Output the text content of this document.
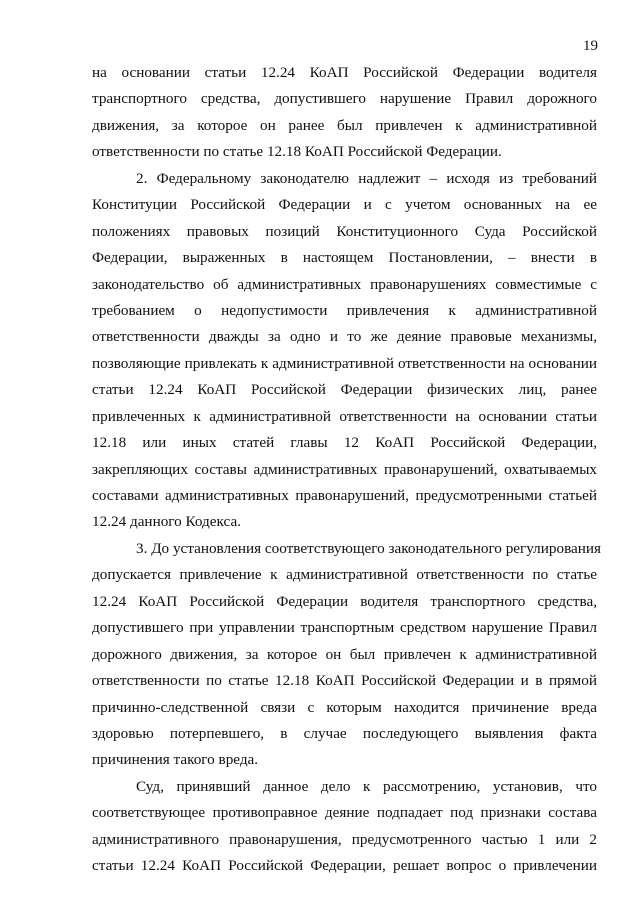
19
на основании статьи 12.24 КоАП Российской Федерации водителя
транспортного средства, допустившего нарушение Правил дорожного
движения, за которое он ранее был привлечен к административной
ответственности по статье 12.18 КоАП Российской Федерации.
2. Федеральному законодателю надлежит – исходя из требований
Конституции Российской Федерации и с учетом основанных на ее
положениях правовых позиций Конституционного Суда Российской
Федерации, выраженных в настоящем Постановлении, – внести в
законодательство об административных правонарушениях совместимые с
требованием о недопустимости привлечения к административной
ответственности дважды за одно и то же деяние правовые механизмы,
позволяющие привлекать к административной ответственности на основании
статьи 12.24 КоАП Российской Федерации физических лиц, ранее
привлеченных к административной ответственности на основании статьи
12.18 или иных статей главы 12 КоАП Российской Федерации,
закрепляющих составы административных правонарушений, охватываемых
составами административных правонарушений, предусмотренными статьей
12.24 данного Кодекса.
3. До установления соответствующего законодательного регулирования
допускается привлечение к административной ответственности по статье
12.24 КоАП Российской Федерации водителя транспортного средства,
допустившего при управлении транспортным средством нарушение Правил
дорожного движения, за которое он был привлечен к административной
ответственности по статье 12.18 КоАП Российской Федерации и в прямой
причинно-следственной связи с которым находится причинение вреда
здоровью потерпевшего, в случае последующего выявления факта
причинения такого вреда.
Суд, принявший данное дело к рассмотрению, установив, что
соответствующее противоправное деяние подпадает под признаки состава
административного правонарушения, предусмотренного частью 1 или 2
статьи 12.24 КоАП Российской Федерации, решает вопрос о привлечении
